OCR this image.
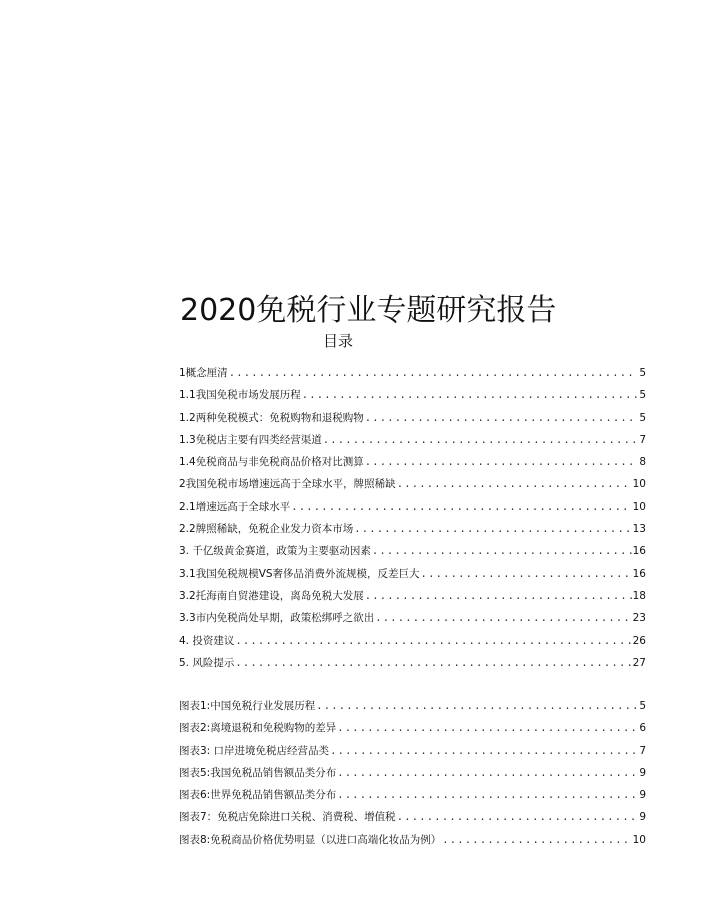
2020免税行业专题研究报告
目录
1概念厘清 .....	5
1.1我国免税市场发展历程 .....	5
1.2两种免税模式：免税购物和退税购物 .....	5
1.3免税店主要有四类经营渠道 .....	7
1.4免税商品与非免税商品价格对比测算 .....	8
2我国免税市场增速远高于全球水平，牌照稀缺 .....	10
2.1增速远高于全球水平 .....	10
2.2牌照稀缺，免税企业发力资本市场 .....	13
3. 千亿级黄金赛道，政策为主要驱动因素 .....	16
3.1我国免税规模VS奢侈品消费外流规模，反差巨大 .....	16
3.2托海南自贸港建设，离岛免税大发展 .....	18
3.3市内免税尚处早期，政策松绑呼之欲出 .....	23
4. 投资建议 .....	26
5. 风险提示 .....	27
图表1:中国免税行业发展历程 .....	5
图表2:离境退税和免税购物的差异 .....	6
图表3: 口岸进境免税店经营品类 .....	7
图表5:我国免税品销售额品类分布 .....	9
图表6:世界免税品销售额品类分布 .....	9
图表7：免税店免除进口关税、消费税、增值税 .....	9
图表8:免税商品价格优势明显（以进口高端化妆品为例） .....	10
